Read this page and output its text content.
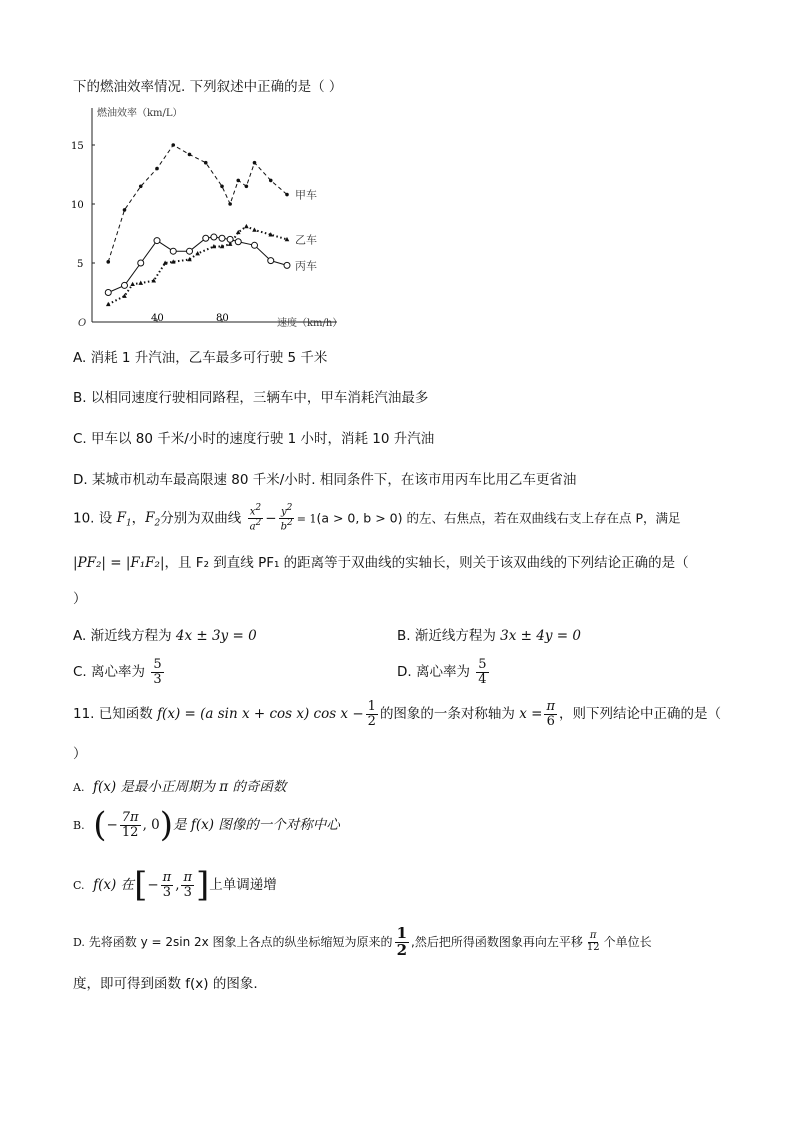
下的燃油效率情况. 下列叙述中正确的是（ ）
燃油效率（km/L）
速度（km/h）
O	40	80
5
10
15
甲车
乙车
丙车
A. 消耗 1 升汽油，乙车最多可行驶 5 千米
B. 以相同速度行驶相同路程，三辆车中，甲车消耗汽油最多
C. 甲车以 80 千米/小时的速度行驶 1 小时，消耗 10 升汽油
D. 某城市机动车最高限速 80 千米/小时. 相同条件下，在该市用丙车比用乙车更省油
10. 设 $F_1$，$F_2$分别为双曲线 $\frac{x^2}{a^2} - \frac{y^2}{b^2} = 1(a > 0$, b > 0) 的左、右焦点，若在双曲线右支上存在点 P，满足
|PF₂| = |F₁F₂|，且 F₂ 到直线 PF₁ 的距离等于双曲线的实轴长，则关于该双曲线的下列结论正确的是（
）
A. 渐近线方程为 4x ± 3y = 0	B. 渐近线方程为 3x ± 4y = 0
C. 离心率为 $\frac{5}{3}$	D. 离心率为 $\frac{5}{4}$
11. 已知函数 f(x) = (a sin x + cos x) $\cos x - \frac{1}{2}$ 的图象的一条对称轴为 $x = \frac{\pi}{6}$ ，则下列结论中正确的是（
）
A. f(x) 是最小正周期为 π 的奇函数
B. (− $\frac{7\pi}{12}$ , 0)是 f(x) 图像的一个对称中心
C. f(x) 在[− $\frac{\pi}{3}$ , $\frac{\pi}{3}$ ]上单调递增
D. 先将函数 y = 2sin 2x 图象上各点的纵坐标缩短为原来的 $\frac{1}{2}$ ,然后把所得函数图象再向左平移 $\frac{\pi}{12}$ 个单位长
度，即可得到函数 f(x) 的图象.
